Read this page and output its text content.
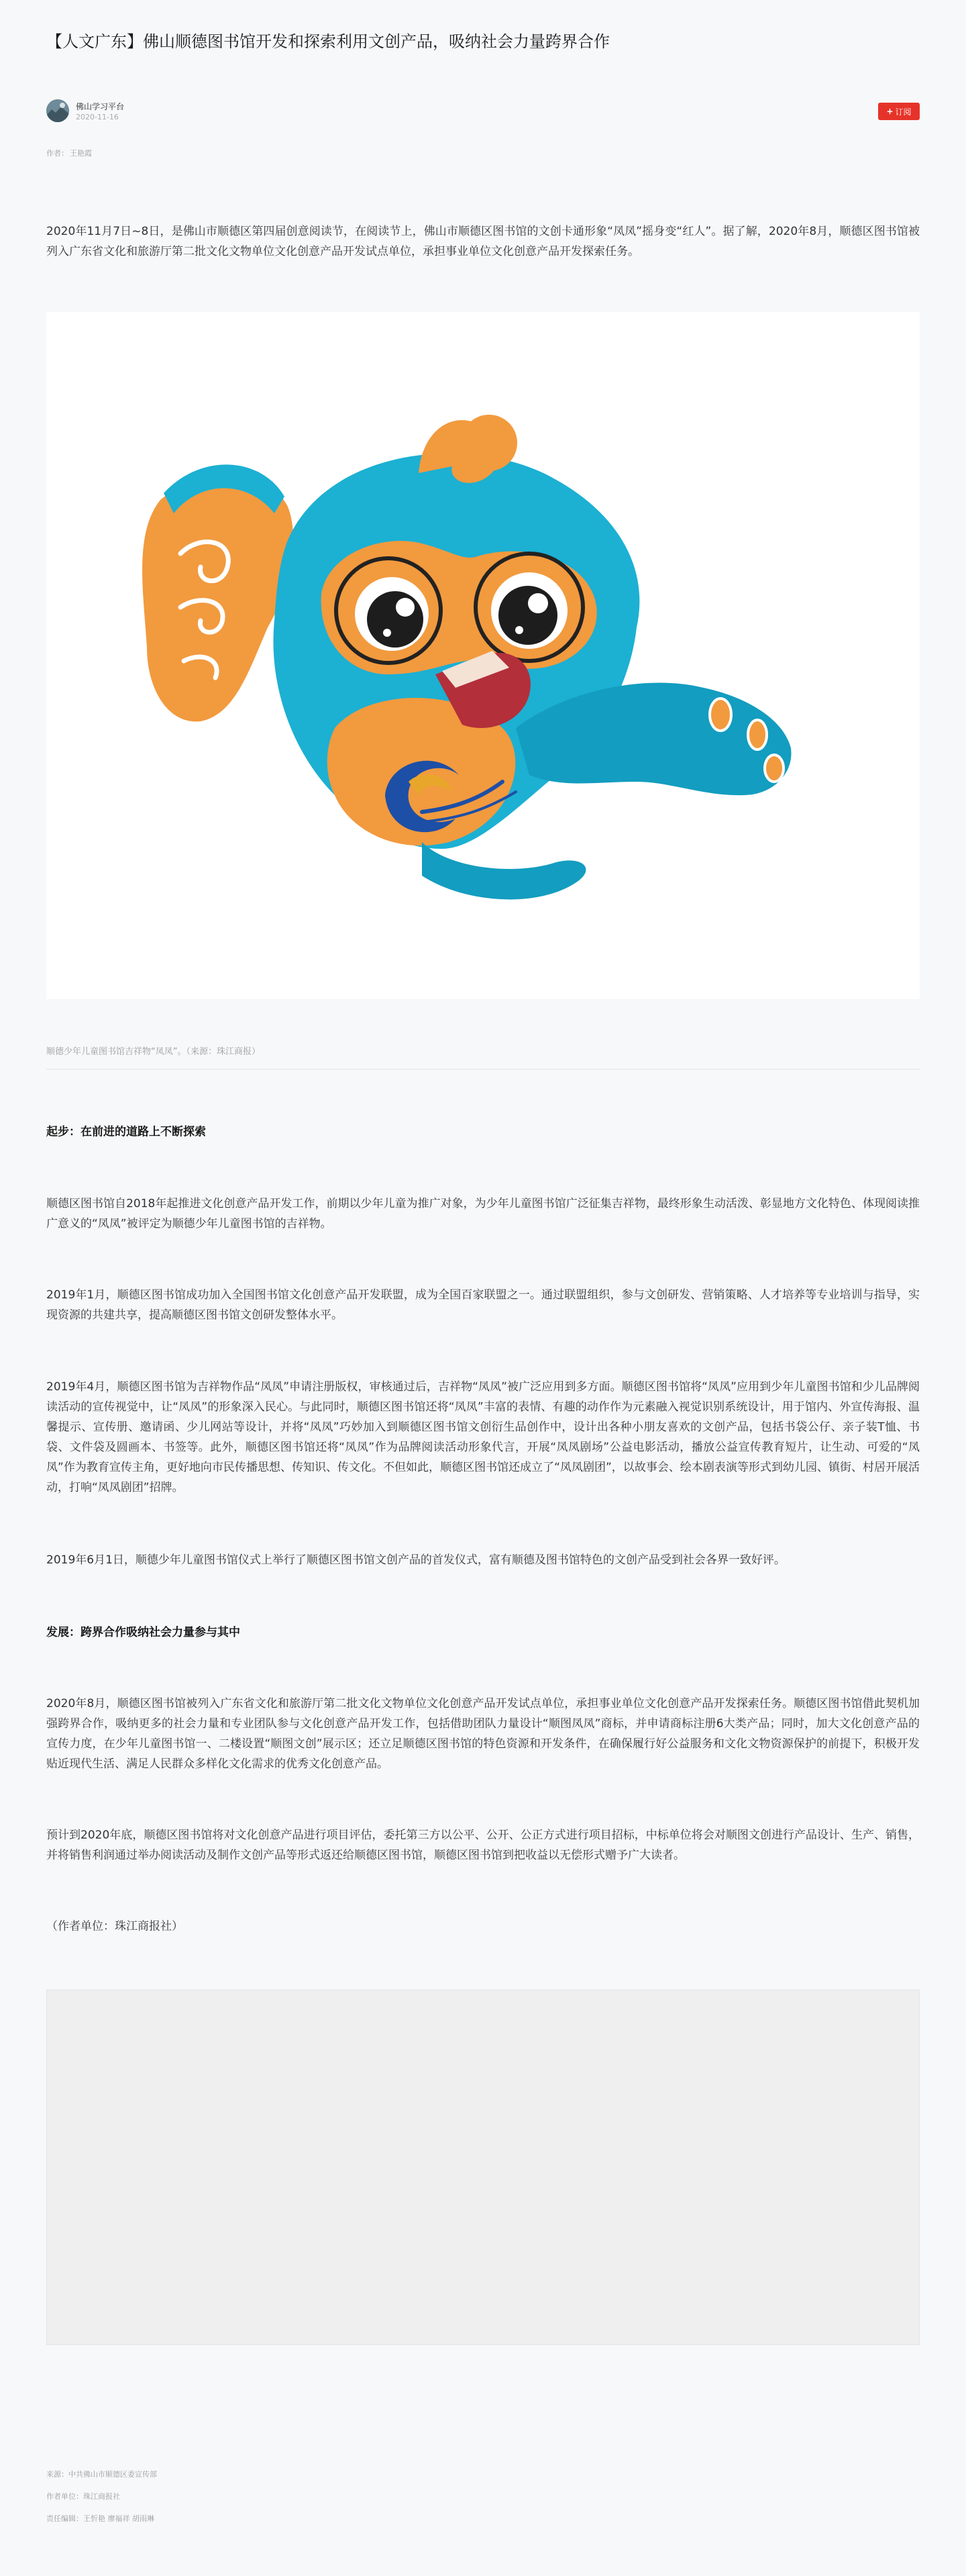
【人文广东】佛山顺德图书馆开发和探索利用文创产品，吸纳社会力量跨界合作
佛山学习平台
2020-11-16
+ 订阅
作者： 王艳霞

2020年11月7日~8日，是佛山市顺德区第四届创意阅读节，在阅读节上，佛山市顺德区图书馆的文创卡通形象“凤凤”摇身变“红人”。据了解，2020年8月，顺德区图书馆被列入广东省文化和旅游厅第二批文化文物单位文化创意产品开发试点单位，承担事业单位文化创意产品开发探索任务。

顺德少年儿童图书馆吉祥物“凤凤”。（来源：珠江商报）

起步：在前进的道路上不断探索

顺德区图书馆自2018年起推进文化创意产品开发工作，前期以少年儿童为推广对象，为少年儿童图书馆广泛征集吉祥物，最终形象生动活泼、彰显地方文化特色、体现阅读推广意义的“凤凤”被评定为顺德少年儿童图书馆的吉祥物。

2019年1月，顺德区图书馆成功加入全国图书馆文化创意产品开发联盟，成为全国百家联盟之一。通过联盟组织，参与文创研发、营销策略、人才培养等专业培训与指导，实现资源的共建共享，提高顺德区图书馆文创研发整体水平。

2019年4月，顺德区图书馆为吉祥物作品“凤凤”申请注册版权，审核通过后，吉祥物“凤凤”被广泛应用到多方面。顺德区图书馆将“凤凤”应用到少年儿童图书馆和少儿品牌阅读活动的宣传视觉中，让“凤凤”的形象深入民心。与此同时，顺德区图书馆还将“凤凤”丰富的表情、有趣的动作作为元素融入视觉识别系统设计，用于馆内、外宣传海报、温馨提示、宣传册、邀请函、少儿网站等设计，并将“凤凤”巧妙加入到顺德区图书馆文创衍生品创作中，设计出各种小朋友喜欢的文创产品，包括书袋公仔、亲子装T恤、书袋、文件袋及圆画本、书签等。此外，顺德区图书馆还将“凤凤”作为品牌阅读活动形象代言，开展“凤凤剧场”公益电影活动，播放公益宣传教育短片，让生动、可爱的“凤凤”作为教育宣传主角，更好地向市民传播思想、传知识、传文化。不但如此，顺德区图书馆还成立了“凤凤剧团”，以故事会、绘本剧表演等形式到幼儿园、镇街、村居开展活动，打响“凤凤剧团”招牌。

2019年6月1日，顺德少年儿童图书馆仪式上举行了顺德区图书馆文创产品的首发仪式，富有顺德及图书馆特色的文创产品受到社会各界一致好评。

发展：跨界合作吸纳社会力量参与其中

2020年8月，顺德区图书馆被列入广东省文化和旅游厅第二批文化文物单位文化创意产品开发试点单位，承担事业单位文化创意产品开发探索任务。顺德区图书馆借此契机加强跨界合作，吸纳更多的社会力量和专业团队参与文化创意产品开发工作，包括借助团队力量设计“顺图凤凤”商标，并申请商标注册6大类产品；同时，加大文化创意产品的宣传力度，在少年儿童图书馆一、二楼设置“顺图文创”展示区；还立足顺德区图书馆的特色资源和开发条件，在确保履行好公益服务和文化文物资源保护的前提下，积极开发贴近现代生活、满足人民群众多样化文化需求的优秀文化创意产品。

预计到2020年底，顺德区图书馆将对文化创意产品进行项目评估，委托第三方以公平、公开、公正方式进行项目招标，中标单位将会对顺图文创进行产品设计、生产、销售，并将销售利润通过举办阅读活动及制作文创产品等形式返还给顺德区图书馆，顺德区图书馆到把收益以无偿形式赠予广大读者。

（作者单位：珠江商报社）

来源：中共佛山市顺德区委宣传部
作者单位：珠江商报社
责任编辑：王忻艳 廖福祥 胡雨琳
